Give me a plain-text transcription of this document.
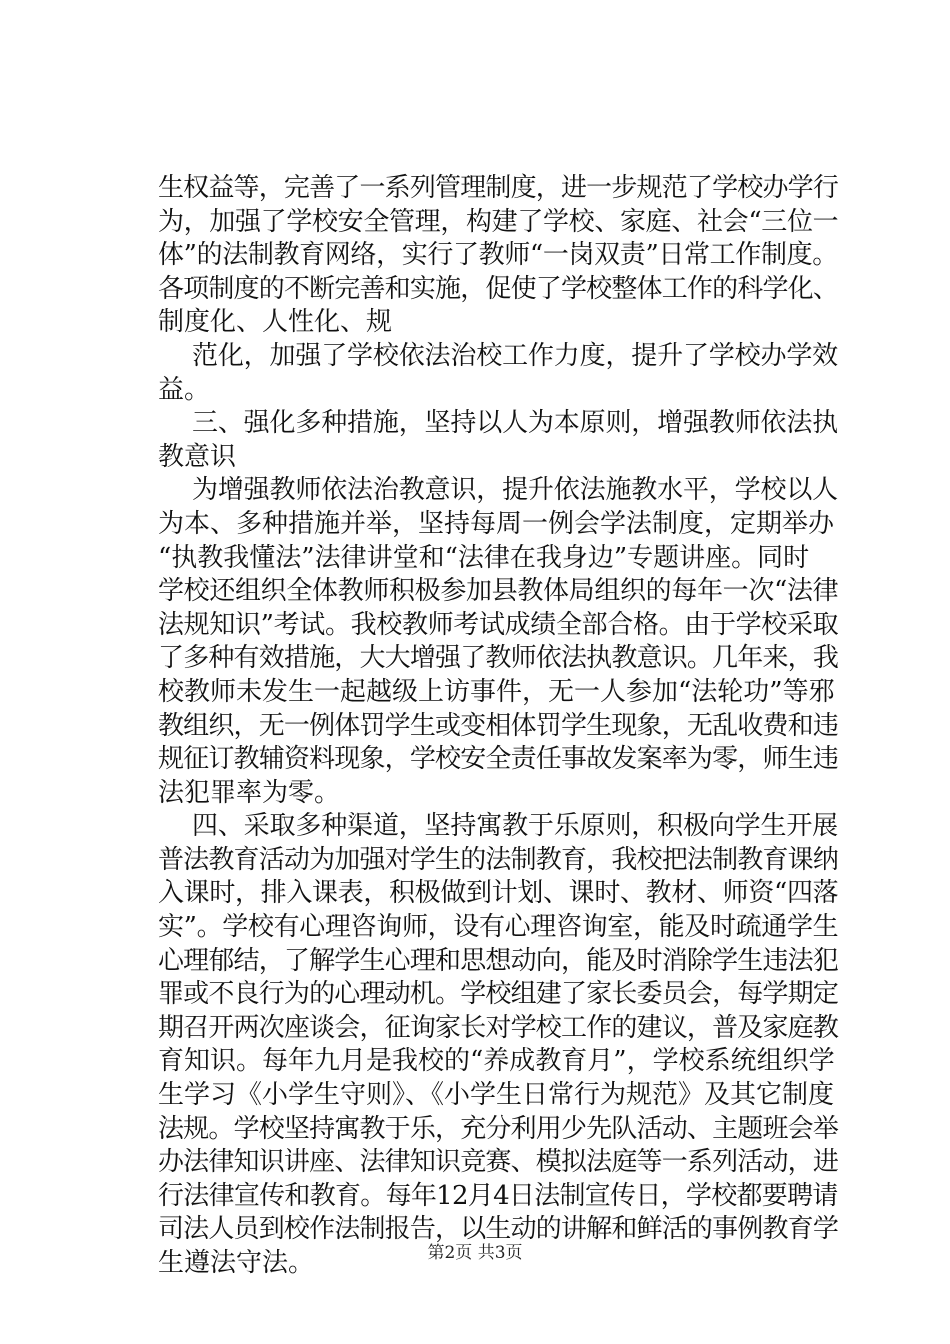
生权益等，完善了一系列管理制度，进一步规范了学校办学行

为，加强了学校安全管理，构建了学校、家庭、社会“三位一

体”的法制教育网络，实行了教师“一岗双责”日常工作制度。

各项制度的不断完善和实施，促使了学校整体工作的科学化、

制度化、人性化、规

范化，加强了学校依法治校工作力度，提升了学校办学效

益。

三、强化多种措施，坚持以人为本原则，增强教师依法执

教意识

为增强教师依法治教意识，提升依法施教水平，学校以人

为本、多种措施并举，坚持每周一例会学法制度，定期举办

“执教我懂法”法律讲堂和“法律在我身边”专题讲座。同时

学校还组织全体教师积极参加县教体局组织的每年一次“法律

法规知识”考试。我校教师考试成绩全部合格。由于学校采取

了多种有效措施，大大增强了教师依法执教意识。几年来，我

校教师未发生一起越级上访事件，无一人参加“法轮功”等邪

教组织，无一例体罚学生或变相体罚学生现象，无乱收费和违

规征订教辅资料现象，学校安全责任事故发案率为零，师生违

法犯罪率为零。

四、采取多种渠道，坚持寓教于乐原则，积极向学生开展

普法教育活动为加强对学生的法制教育，我校把法制教育课纳

入课时，排入课表，积极做到计划、课时、教材、师资“四落

实”。学校有心理咨询师，设有心理咨询室，能及时疏通学生

心理郁结，了解学生心理和思想动向，能及时消除学生违法犯

罪或不良行为的心理动机。学校组建了家长委员会，每学期定

期召开两次座谈会，征询家长对学校工作的建议，普及家庭教

育知识。每年九月是我校的“养成教育月”，学校系统组织学

生学习《小学生守则》、《小学生日常行为规范》及其它制度

法规。学校坚持寓教于乐，充分利用少先队活动、主题班会举

办法律知识讲座、法律知识竞赛、模拟法庭等一系列活动，进

行法律宣传和教育。每年12月4日法制宣传日，学校都要聘请

司法人员到校作法制报告，以生动的讲解和鲜活的事例教育学

生遵法守法。	第2页 共3页
